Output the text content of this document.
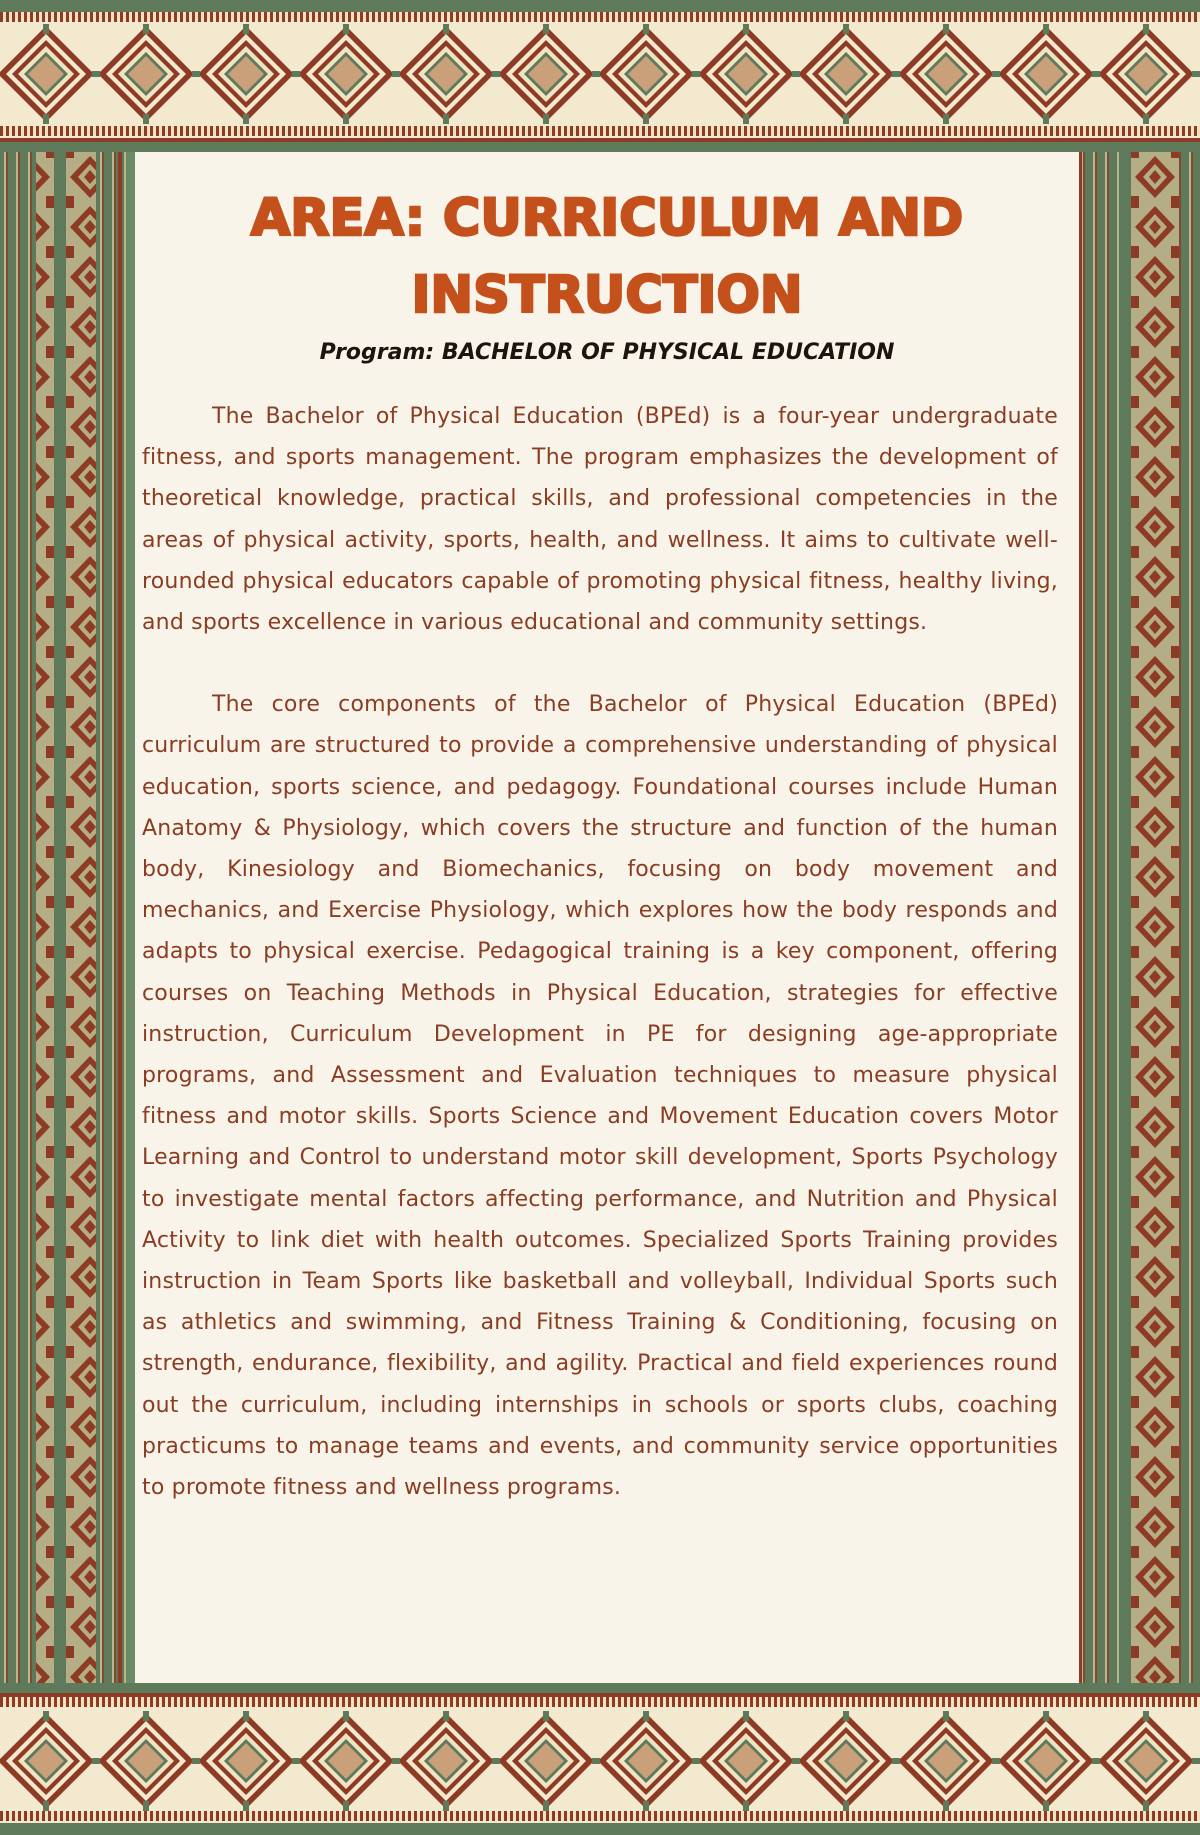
AREA: CURRICULUM AND INSTRUCTION
Program: BACHELOR OF PHYSICAL EDUCATION

The Bachelor of Physical Education (BPEd) is a four-year undergraduate fitness, and sports management. The program emphasizes the development of theoretical knowledge, practical skills, and professional competencies in the areas of physical activity, sports, health, and wellness. It aims to cultivate well-rounded physical educators capable of promoting physical fitness, healthy living, and sports excellence in various educational and community settings.

The core components of the Bachelor of Physical Education (BPEd) curriculum are structured to provide a comprehensive understanding of physical education, sports science, and pedagogy. Foundational courses include Human Anatomy & Physiology, which covers the structure and function of the human body, Kinesiology and Biomechanics, focusing on body movement and mechanics, and Exercise Physiology, which explores how the body responds and adapts to physical exercise. Pedagogical training is a key component, offering courses on Teaching Methods in Physical Education, strategies for effective instruction, Curriculum Development in PE for designing age-appropriate programs, and Assessment and Evaluation techniques to measure physical fitness and motor skills. Sports Science and Movement Education covers Motor Learning and Control to understand motor skill development, Sports Psychology to investigate mental factors affecting performance, and Nutrition and Physical Activity to link diet with health outcomes. Specialized Sports Training provides instruction in Team Sports like basketball and volleyball, Individual Sports such as athletics and swimming, and Fitness Training & Conditioning, focusing on strength, endurance, flexibility, and agility. Practical and field experiences round out the curriculum, including internships in schools or sports clubs, coaching practicums to manage teams and events, and community service opportunities to promote fitness and wellness programs.
